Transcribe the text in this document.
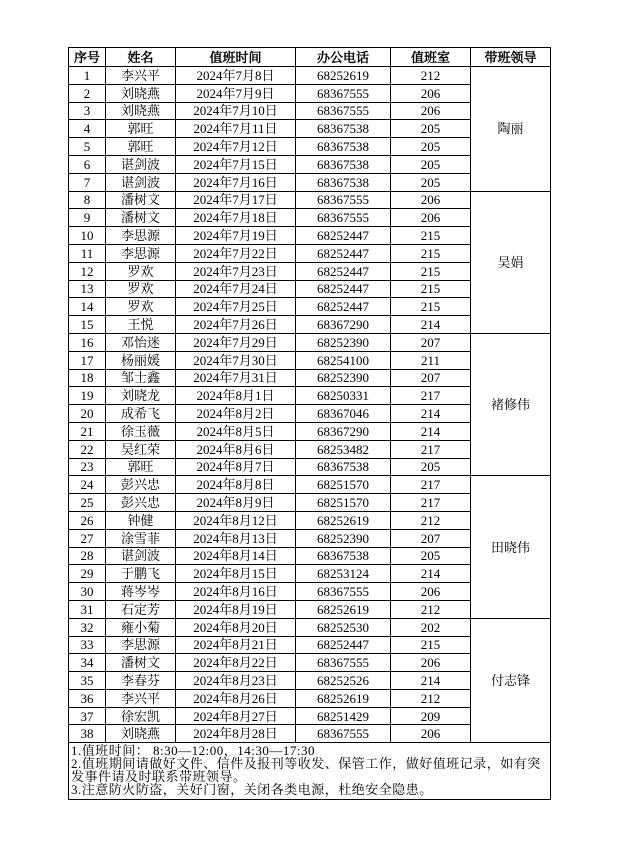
序号	姓名	值班时间	办公电话	值班室	带班领导
1	李兴平	2024年7月8日	68252619	212	陶丽
2	刘晓燕	2024年7月9日	68367555	206	
3	刘晓燕	2024年7月10日	68367555	206	
4	郭旺	2024年7月11日	68367538	205	
5	郭旺	2024年7月12日	68367538	205	
6	谌剑波	2024年7月15日	68367538	205	
7	谌剑波	2024年7月16日	68367538	205	
8	潘树文	2024年7月17日	68367555	206	吴娟
9	潘树文	2024年7月18日	68367555	206	
10	李思源	2024年7月19日	68252447	215	
11	李思源	2024年7月22日	68252447	215	
12	罗欢	2024年7月23日	68252447	215	
13	罗欢	2024年7月24日	68252447	215	
14	罗欢	2024年7月25日	68252447	215	
15	王悦	2024年7月26日	68367290	214	
16	邓怡迷	2024年7月29日	68252390	207	褚修伟
17	杨丽媛	2024年7月30日	68254100	211	
18	邹士鑫	2024年7月31日	68252390	207	
19	刘晓龙	2024年8月1日	68250331	217	
20	成希飞	2024年8月2日	68367046	214	
21	徐玉薇	2024年8月5日	68367290	214	
22	吴红荣	2024年8月6日	68253482	217	
23	郭旺	2024年8月7日	68367538	205	
24	彭兴忠	2024年8月8日	68251570	217	田晓伟
25	彭兴忠	2024年8月9日	68251570	217	
26	钟健	2024年8月12日	68252619	212	
27	涂雪菲	2024年8月13日	68252390	207	
28	谌剑波	2024年8月14日	68367538	205	
29	于鹏飞	2024年8月15日	68253124	214	
30	蒋岑岑	2024年8月16日	68367555	206	
31	石定芳	2024年8月19日	68252619	212	
32	雍小菊	2024年8月20日	68252530	202	付志锋
33	李思源	2024年8月21日	68252447	215	
34	潘树文	2024年8月22日	68367555	206	
35	李春芬	2024年8月23日	68252526	214	
36	李兴平	2024年8月26日	68252619	212	
37	徐宏凯	2024年8月27日	68251429	209	
38	刘晓燕	2024年8月28日	68367555	206	

1.值班时间： 8:30—12:00，14:30—17:30
2.值班期间请做好文件、信件及报刊等收发、保管工作，做好值班记录，如有突发事件请及时联系带班领导。
3.注意防火防盗，关好门窗，关闭各类电源，杜绝安全隐患。					
